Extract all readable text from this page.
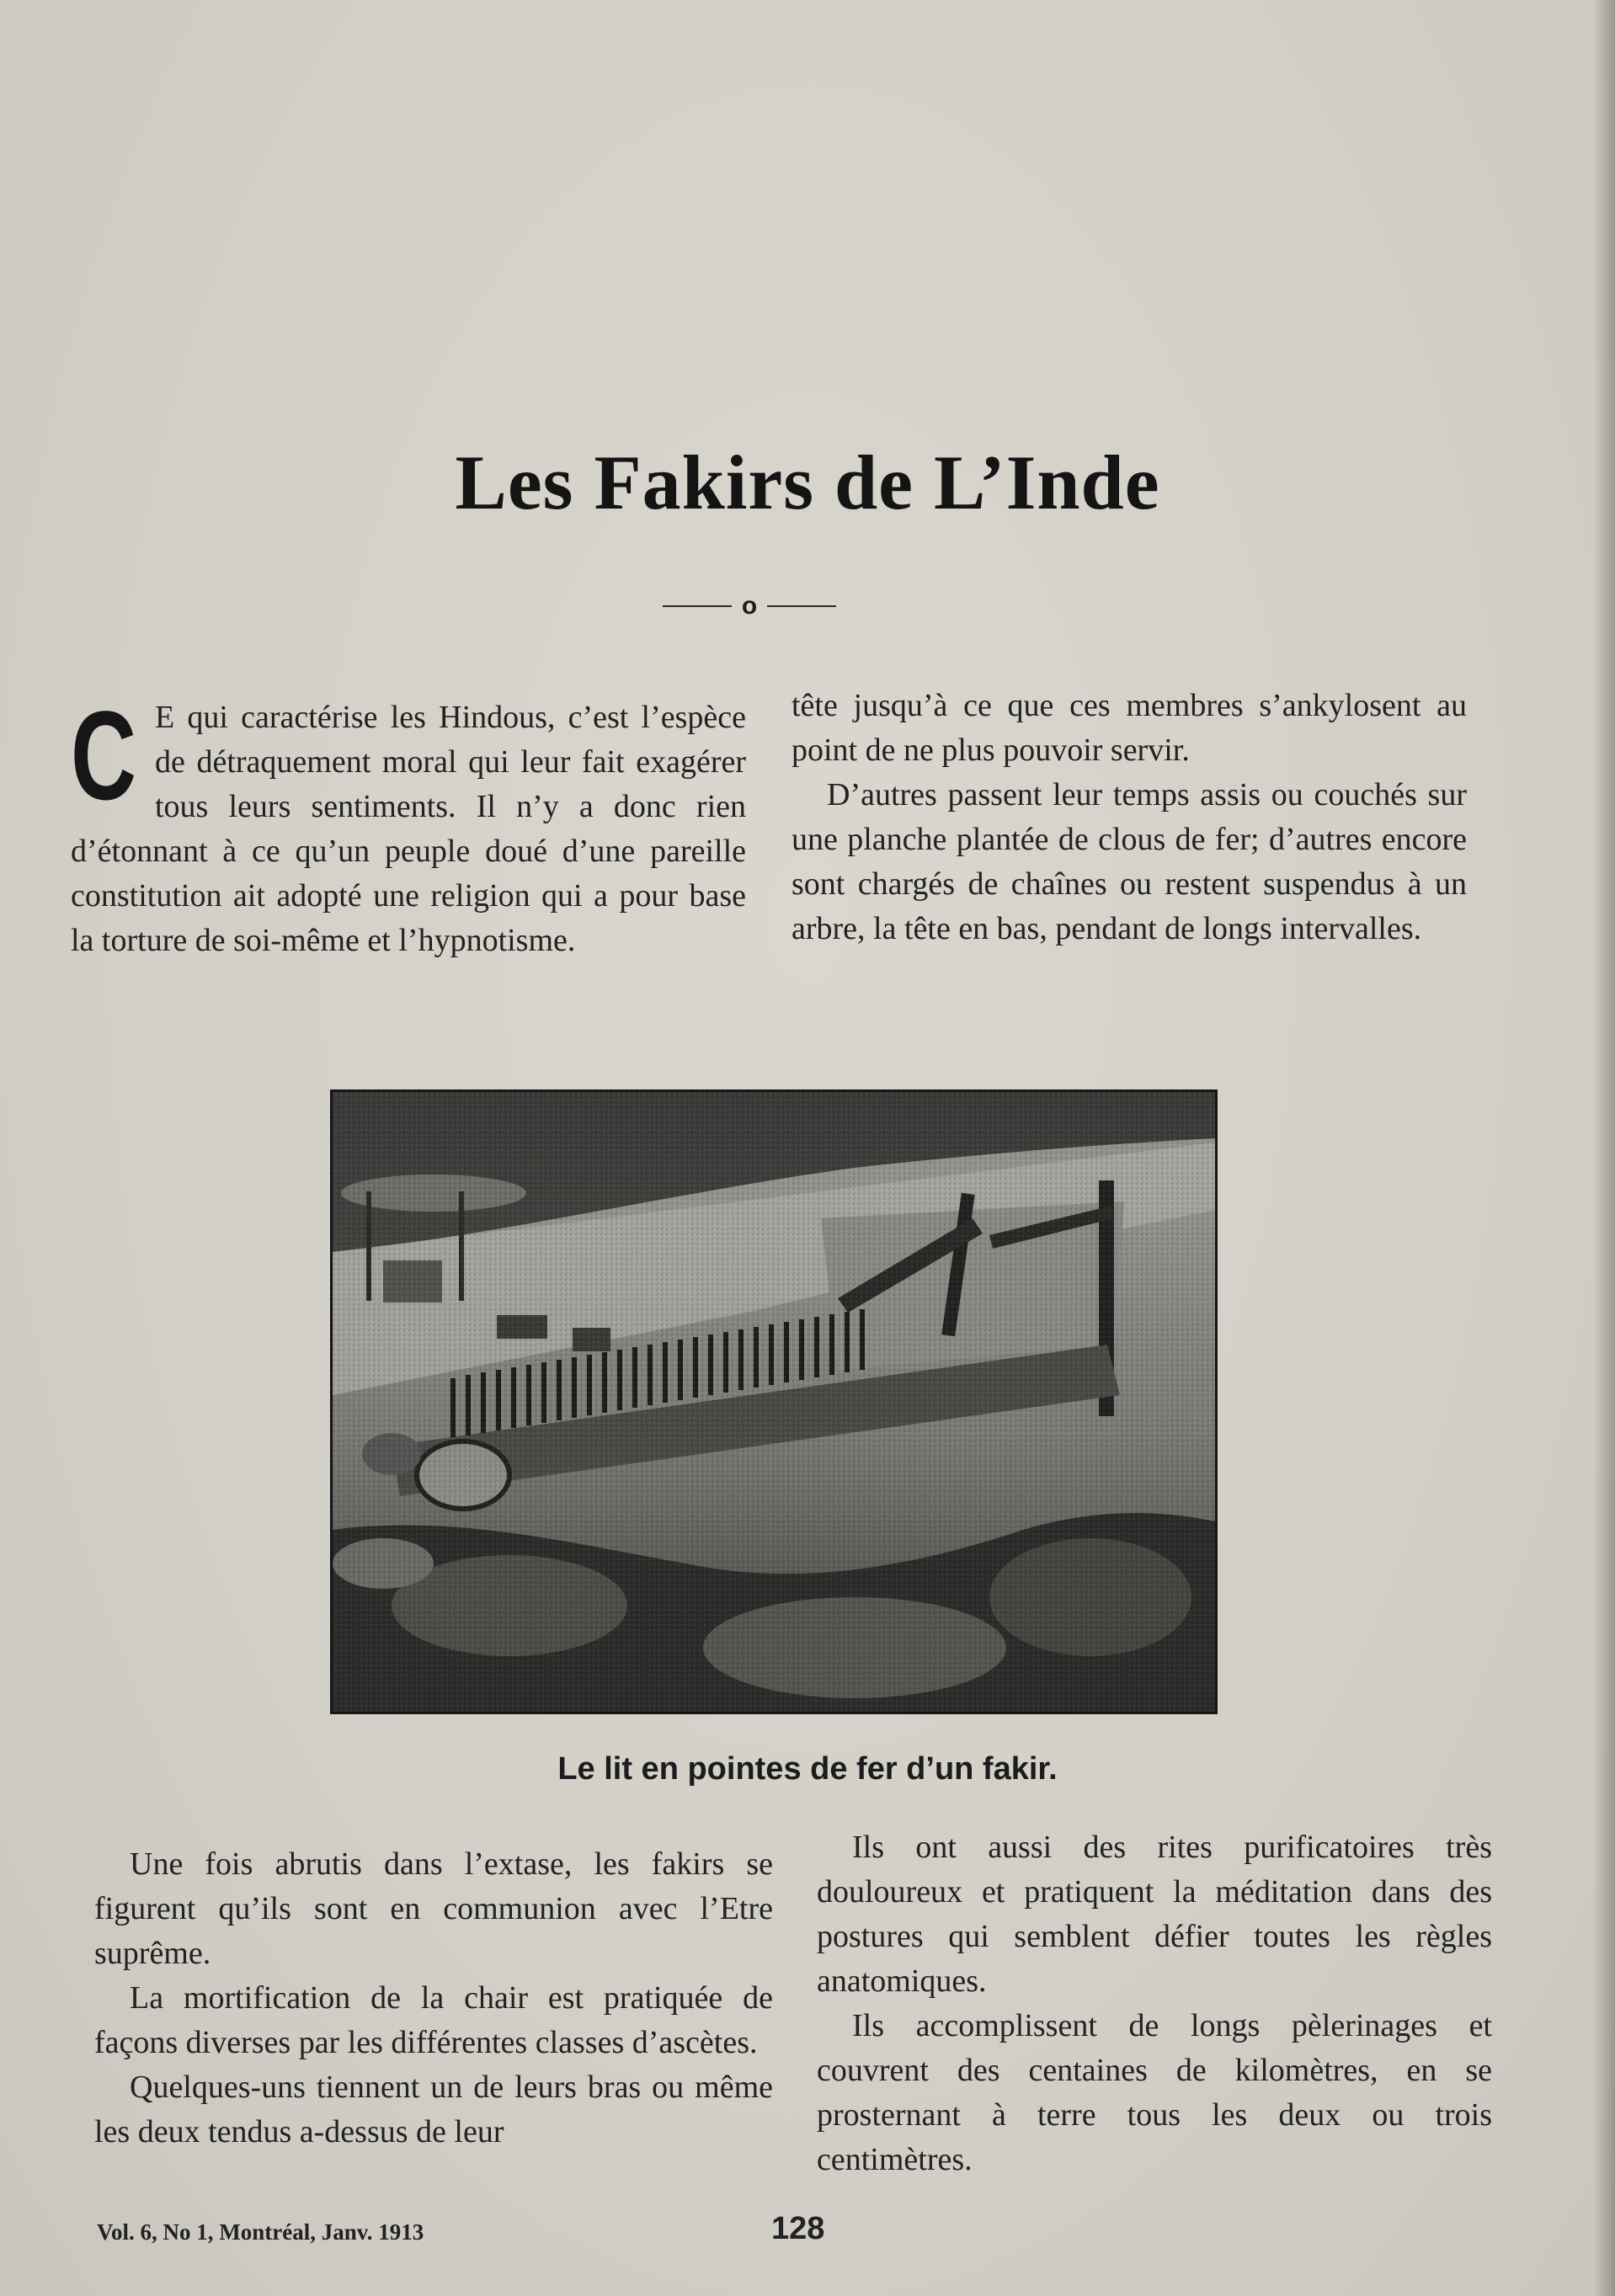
Les Fakirs de L’Inde
o
C E qui caractérise les Hindous, c’est l’espèce de détraquement moral qui leur fait exagérer tous leurs sentiments. Il n’y a donc rien d’étonnant à ce qu’un peuple doué d’une pareille constitution ait adopté une religion qui a pour base la torture de soi-même et l’hypnotisme.

tête jusqu’à ce que ces membres s’ankylosent au point de ne plus pouvoir servir.

D’autres passent leur temps assis ou couchés sur une planche plantée de clous de fer; d’autres encore sont chargés de chaînes ou restent suspendus à un arbre, la tête en bas, pendant de longs intervalles.

Le lit en pointes de fer d’un fakir.

Une fois abrutis dans l’extase, les fakirs se figurent qu’ils sont en communion avec l’Etre suprême.

La mortification de la chair est pratiquée de façons diverses par les différentes classes d’ascètes.

Quelques-uns tiennent un de leurs bras ou même les deux tendus a-dessus de leur

Ils ont aussi des rites purificatoires très douloureux et pratiquent la méditation dans des postures qui semblent défier toutes les règles anatomiques.

Ils accomplissent de longs pèlerinages et couvrent des centaines de kilomètres, en se prosternant à terre tous les deux ou trois centimètres.

Vol. 6, No 1, Montréal, Janv. 1913	128
